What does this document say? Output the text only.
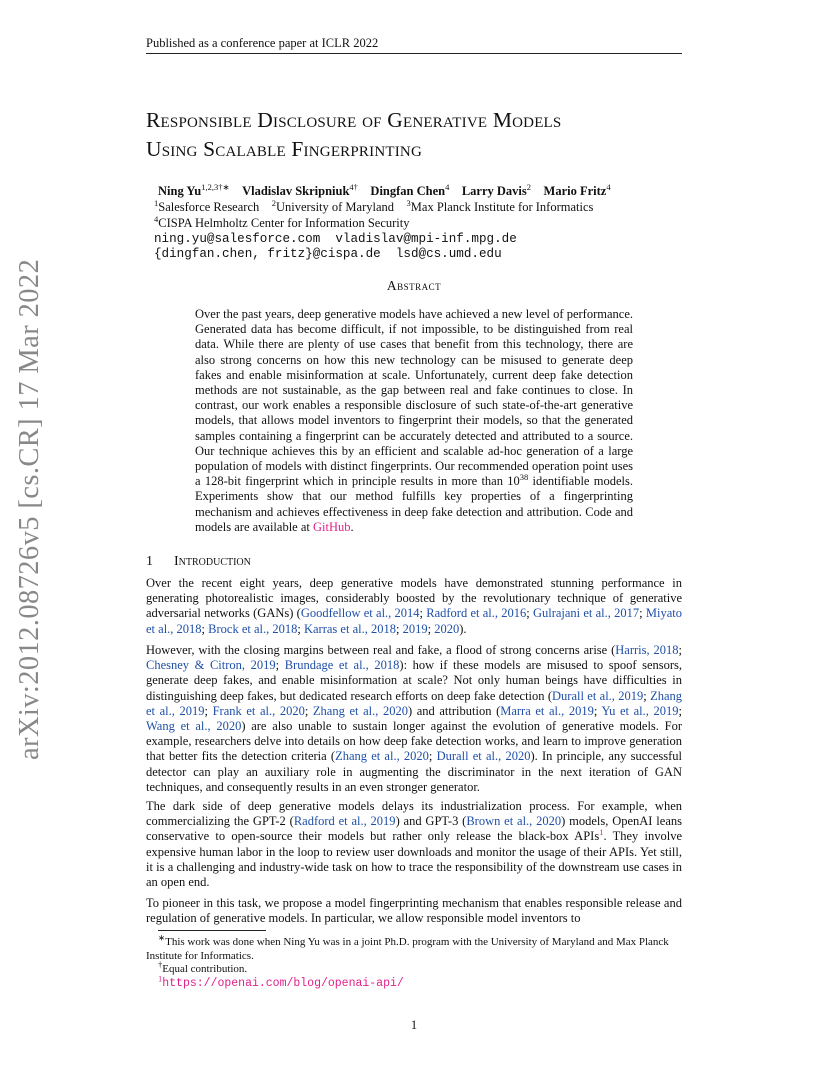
arXiv:2012.08726v5 [cs.CR] 17 Mar 2022
Published as a conference paper at ICLR 2022
Responsible Disclosure of Generative Models
Using Scalable Fingerprinting
Ning $Yu^{1,2,3\dagger∗}$ Vladislav Skripniuk$^{4\dagger}$ Dingfan Chen$^4$ Larry Davis$^2$ Mario Fritz$^4$
$^1$Salesforce Research $^2$University of Maryland $^3$Max Planck Institute for Informatics
$^4$CISPA Helmholtz Center for Information Security
ning.yu@salesforce.com  vladislav@mpi-inf.mpg.de
{dingfan.chen, fritz}@cispa.de  lsd@cs.umd.edu
Abstract
Over the past years, deep generative models have achieved a new level of performance. Generated data has become difficult, if not impossible, to be distinguished from real data. While there are plenty of use cases that benefit from this technology, there are also strong concerns on how this new technology can be misused to generate deep fakes and enable misinformation at scale. Unfortunately, current deep fake detection methods are not sustainable, as the gap between real and fake continues to close. In contrast, our work enables a responsible disclosure of such state-of-the-art generative models, that allows model inventors to fingerprint their models, so that the generated samples containing a fingerprint can be accurately detected and attributed to a source. Our technique achieves this by an efficient and scalable ad-hoc generation of a large population of models with distinct fingerprints. Our recommended operation point uses a 128-bit fingerprint which in principle results in more than $10^{38}$ identifiable models. Experiments show that our method fulfills key properties of a fingerprinting mechanism and achieves effectiveness in deep fake detection and attribution. Code and models are available at GitHub.
1 Introduction
Over the recent eight years, deep generative models have demonstrated stunning performance in generating photorealistic images, considerably boosted by the revolutionary technique of generative adversarial networks (GANs) (Goodfellow et al., 2014; Radford et al., 2016; Gulrajani et al., 2017; Miyato et al., 2018; Brock et al., 2018; Karras et al., 2018; 2019; 2020).
However, with the closing margins between real and fake, a flood of strong concerns arise (Harris, 2018; Chesney & Citron, 2019; Brundage et al., 2018): how if these models are misused to spoof sensors, generate deep fakes, and enable misinformation at scale? Not only human beings have difficulties in distinguishing deep fakes, but dedicated research efforts on deep fake detection (Durall et al., 2019; Zhang et al., 2019; Frank et al., 2020; Zhang et al., 2020) and attribution (Marra et al., 2019; Yu et al., 2019; Wang et al., 2020) are also unable to sustain longer against the evolution of generative models. For example, researchers delve into details on how deep fake detection works, and learn to improve generation that better fits the detection criteria (Zhang et al., 2020; Durall et al., 2020). In principle, any successful detector can play an auxiliary role in augmenting the discriminator in the next iteration of GAN techniques, and consequently results in an even stronger generator.
The dark side of deep generative models delays its industrialization process. For example, when commercializing the GPT-2 (Radford et al., 2019) and GPT-3 (Brown et al., 2020) models, OpenAI leans conservative to open-source their models but rather only release the black-box APIs$^1$. They involve expensive human labor in the loop to review user downloads and monitor the usage of their APIs. Yet still, it is a challenging and industry-wide task on how to trace the responsibility of the downstream use cases in an open end.
To pioneer in this task, we propose a model fingerprinting mechanism that enables responsible release and regulation of generative models. In particular, we allow responsible model inventors to
∗This work was done when Ning Yu was in a joint Ph.D. program with the University of Maryland and Max Planck Institute for Informatics.
†Equal contribution.
$^1$https://openai.com/blog/openai-api/
1
